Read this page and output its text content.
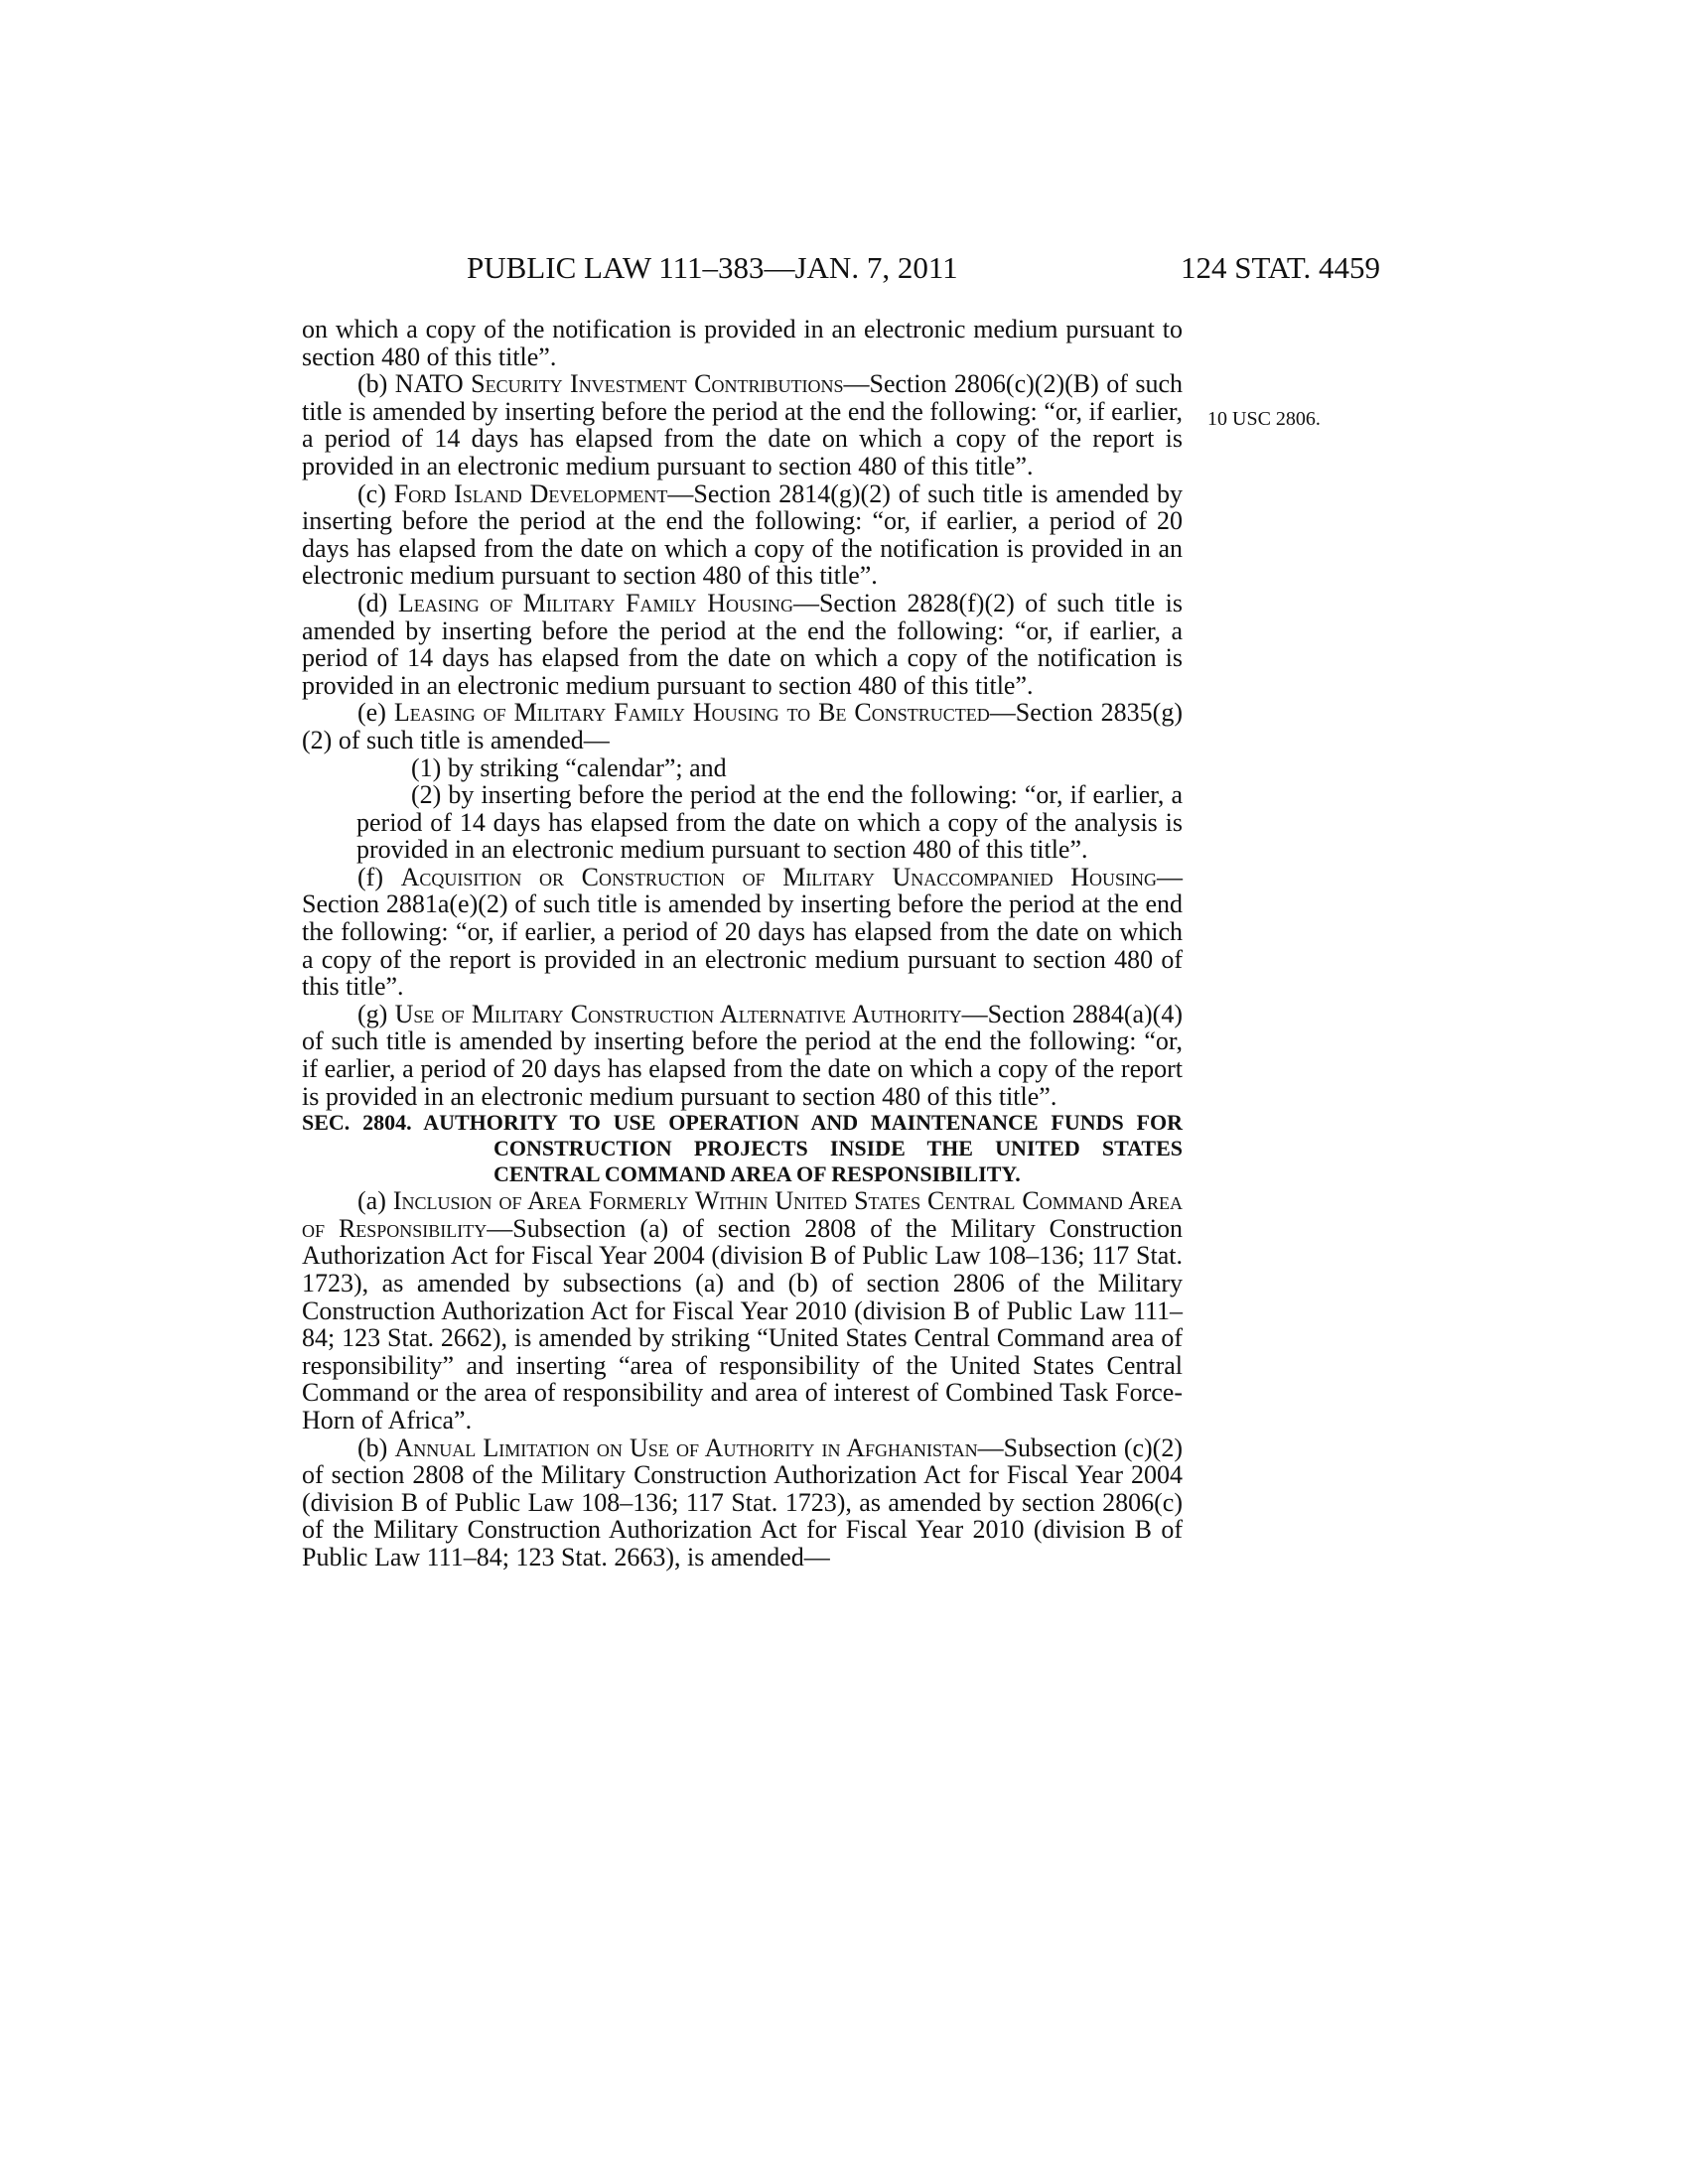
PUBLIC LAW 111–383—JAN. 7, 2011	124 STAT. 4459
10 USC 2806.

on which a copy of the notification is provided in an electronic medium pursuant to section 480 of this title”.

(b) NATO Security Investment Contributions—Section 2806(c)(2)(B) of such title is amended by inserting before the period at the end the following: “or, if earlier, a period of 14 days has elapsed from the date on which a copy of the report is provided in an electronic medium pursuant to section 480 of this title”.

(c) Ford Island Development—Section 2814(g)(2) of such title is amended by inserting before the period at the end the following: “or, if earlier, a period of 20 days has elapsed from the date on which a copy of the notification is provided in an electronic medium pursuant to section 480 of this title”.

(d) Leasing of Military Family Housing—Section 2828(f)(2) of such title is amended by inserting before the period at the end the following: “or, if earlier, a period of 14 days has elapsed from the date on which a copy of the notification is provided in an electronic medium pursuant to section 480 of this title”.

(e) Leasing of Military Family Housing to Be Constructed—Section 2835(g)(2) of such title is amended—

(1) by striking “calendar”; and

(2) by inserting before the period at the end the following: “or, if earlier, a period of 14 days has elapsed from the date on which a copy of the analysis is provided in an electronic medium pursuant to section 480 of this title”.

(f) Acquisition or Construction of Military Unaccompanied Housing—Section 2881a(e)(2) of such title is amended by inserting before the period at the end the following: “or, if earlier, a period of 20 days has elapsed from the date on which a copy of the report is provided in an electronic medium pursuant to section 480 of this title”.

(g) Use of Military Construction Alternative Authority—Section 2884(a)(4) of such title is amended by inserting before the period at the end the following: “or, if earlier, a period of 20 days has elapsed from the date on which a copy of the report is provided in an electronic medium pursuant to section 480 of this title”.

SEC. 2804. AUTHORITY TO USE OPERATION AND MAINTENANCE FUNDS FOR CONSTRUCTION PROJECTS INSIDE THE UNITED STATES CENTRAL COMMAND AREA OF RESPONSIBILITY.

(a) Inclusion of Area Formerly Within United States Central Command Area of Responsibility—Subsection (a) of section 2808 of the Military Construction Authorization Act for Fiscal Year 2004 (division B of Public Law 108–136; 117 Stat. 1723), as amended by subsections (a) and (b) of section 2806 of the Military Construction Authorization Act for Fiscal Year 2010 (division B of Public Law 111–84; 123 Stat. 2662), is amended by striking “United States Central Command area of responsibility” and inserting “area of responsibility of the United States Central Command or the area of responsibility and area of interest of Combined Task Force-Horn of Africa”.

(b) Annual Limitation on Use of Authority in Afghanistan—Subsection (c)(2) of section 2808 of the Military Construction Authorization Act for Fiscal Year 2004 (division B of Public Law 108–136; 117 Stat. 1723), as amended by section 2806(c) of the Military Construction Authorization Act for Fiscal Year 2010 (division B of Public Law 111–84; 123 Stat. 2663), is amended—
